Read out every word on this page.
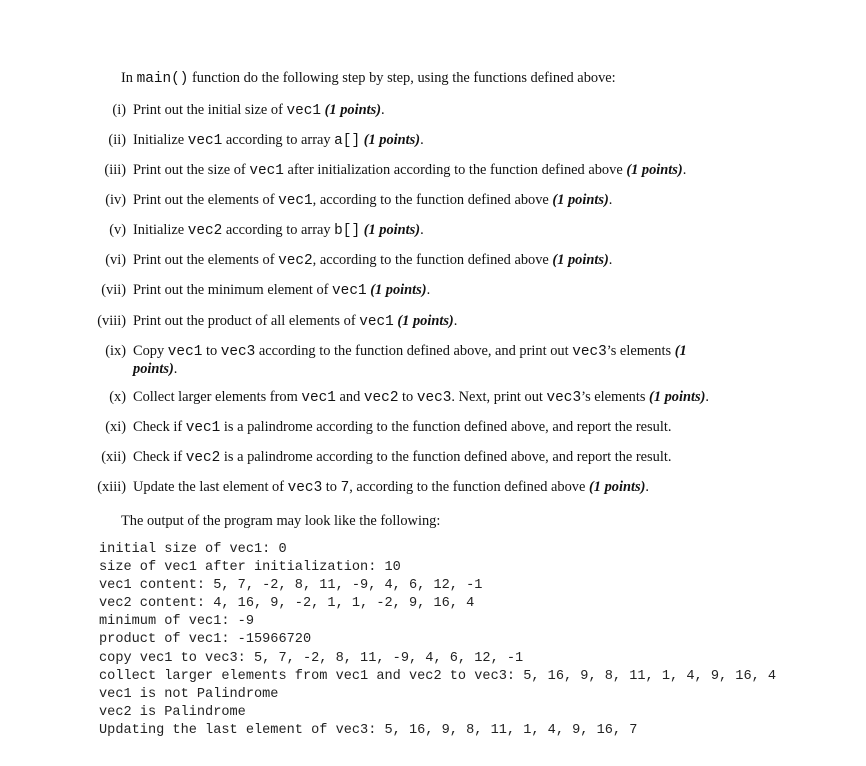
In main() function do the following step by step, using the functions defined above:
(i) Print out the initial size of vec1 (1 points).
(ii) Initialize vec1 according to array a[] (1 points).
(iii) Print out the size of vec1 after initialization according to the function defined above (1 points).
(iv) Print out the elements of vec1, according to the function defined above (1 points).
(v) Initialize vec2 according to array b[] (1 points).
(vi) Print out the elements of vec2, according to the function defined above (1 points).
(vii) Print out the minimum element of vec1 (1 points).
(viii) Print out the product of all elements of vec1 (1 points).
(ix) Copy vec1 to vec3 according to the function defined above, and print out vec3’s elements (1
points).
(x) Collect larger elements from vec1 and vec2 to vec3. Next, print out vec3’s elements (1 points).
(xi) Check if vec1 is a palindrome according to the function defined above, and report the result.
(xii) Check if vec2 is a palindrome according to the function defined above, and report the result.
(xiii) Update the last element of vec3 to 7, according to the function defined above (1 points).
The output of the program may look like the following:
initial size of vec1: 0
size of vec1 after initialization: 10
vec1 content: 5, 7, -2, 8, 11, -9, 4, 6, 12, -1
vec2 content: 4, 16, 9, -2, 1, 1, -2, 9, 16, 4
minimum of vec1: -9
product of vec1: -15966720
copy vec1 to vec3: 5, 7, -2, 8, 11, -9, 4, 6, 12, -1
collect larger elements from vec1 and vec2 to vec3: 5, 16, 9, 8, 11, 1, 4, 9, 16, 4
vec1 is not Palindrome
vec2 is Palindrome
Updating the last element of vec3: 5, 16, 9, 8, 11, 1, 4, 9, 16, 7
